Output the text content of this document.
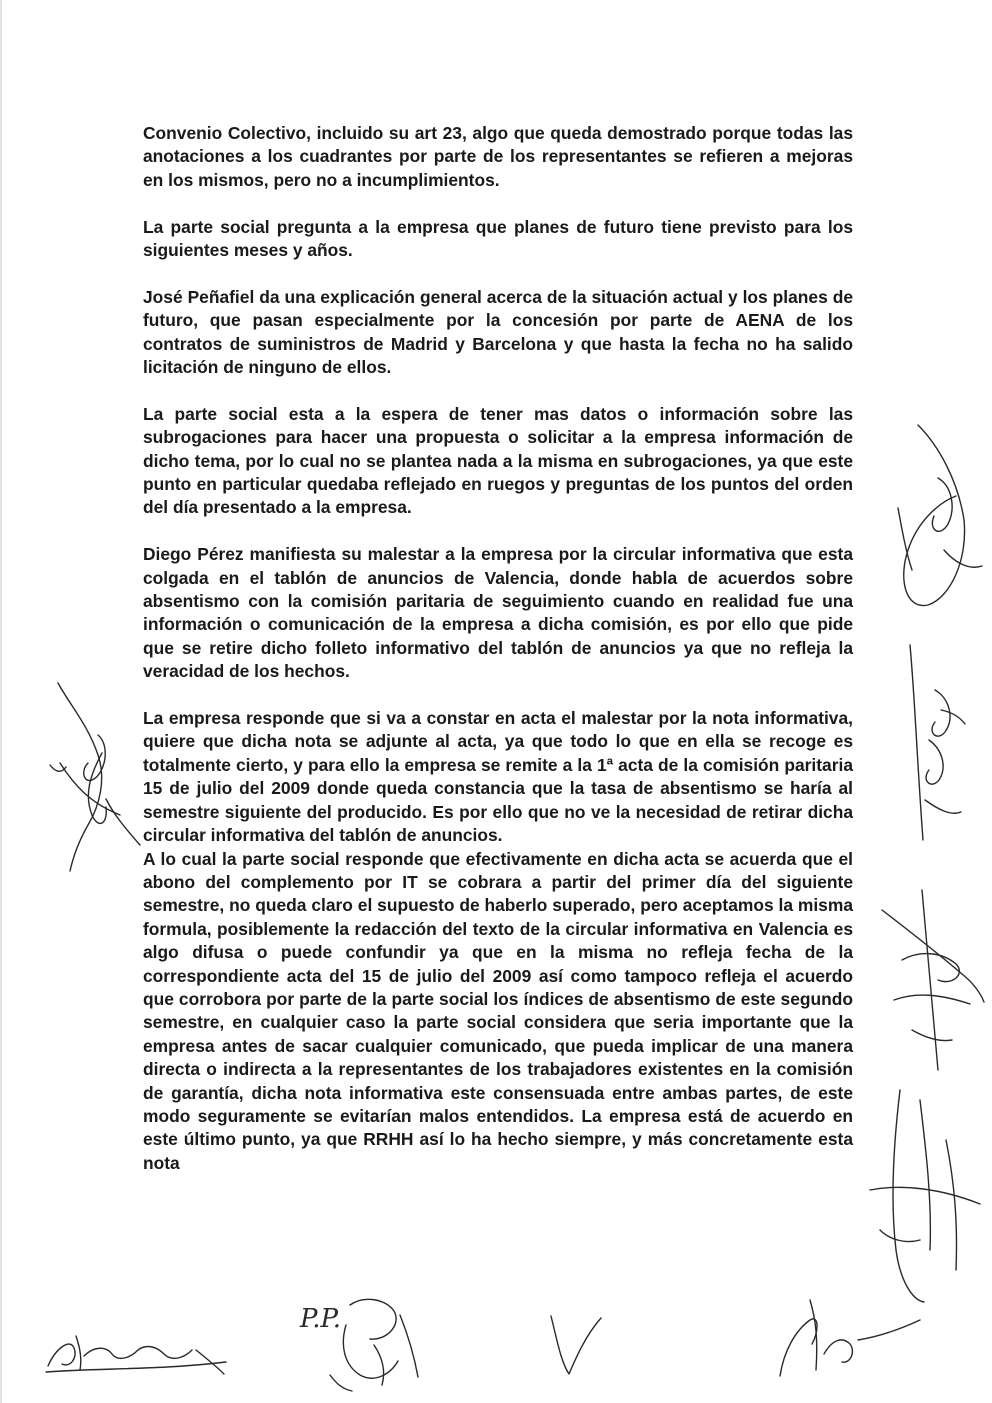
Convenio Colectivo, incluido su art 23, algo que queda demostrado porque todas las anotaciones a los cuadrantes por parte de los representantes se refieren a mejoras en los mismos, pero no a incumplimientos.

La parte social pregunta a la empresa que planes de futuro tiene previsto para los siguientes meses y años.

José Peñafiel da una explicación general acerca de la situación actual y los planes de futuro, que pasan especialmente por la concesión por parte de AENA de los contratos de suministros de Madrid y Barcelona y que hasta la fecha no ha salido licitación de ninguno de ellos.

La parte social esta a la espera de tener mas datos o información sobre las subrogaciones para hacer una propuesta o solicitar a la empresa información de dicho tema, por lo cual no se plantea nada a la misma en subrogaciones, ya que este punto en particular quedaba reflejado en ruegos y preguntas de los puntos del orden del día presentado a la empresa.

Diego Pérez manifiesta su malestar a la empresa por la circular informativa que esta colgada en el tablón de anuncios de Valencia, donde habla de acuerdos sobre absentismo con la comisión paritaria de seguimiento cuando en realidad fue una información o comunicación de la empresa a dicha comisión, es por ello que pide que se retire dicho folleto informativo del tablón de anuncios ya que no refleja la veracidad de los hechos.

La empresa responde que si va a constar en acta el malestar por la nota informativa, quiere que dicha nota se adjunte al acta, ya que todo lo que en ella se recoge es totalmente cierto, y para ello la empresa se remite a la 1ª acta de la comisión paritaria 15 de julio del 2009 donde queda constancia que la tasa de absentismo se haría al semestre siguiente del producido. Es por ello que no ve la necesidad de retirar dicha circular informativa del tablón de anuncios.

A lo cual la parte social responde que efectivamente en dicha acta se acuerda que el abono del complemento por IT se cobrara a partir del primer día del siguiente semestre, no queda claro el supuesto de haberlo superado, pero aceptamos la misma formula, posiblemente la redacción del texto de la circular informativa en Valencia es algo difusa o puede confundir ya que en la misma no refleja fecha de la correspondiente acta del 15 de julio del 2009 así como tampoco refleja el acuerdo que corrobora por parte de la parte social los índices de absentismo de este segundo semestre, en cualquier caso la parte social considera que seria importante que la empresa antes de sacar cualquier comunicado, que pueda implicar de una manera directa o indirecta a la representantes de los trabajadores existentes en la comisión de garantía, dicha nota informativa este consensuada entre ambas partes, de este modo seguramente se evitarían malos entendidos. La empresa está de acuerdo en este último punto, ya que RRHH así lo ha hecho siempre, y más concretamente esta nota

P.P.
